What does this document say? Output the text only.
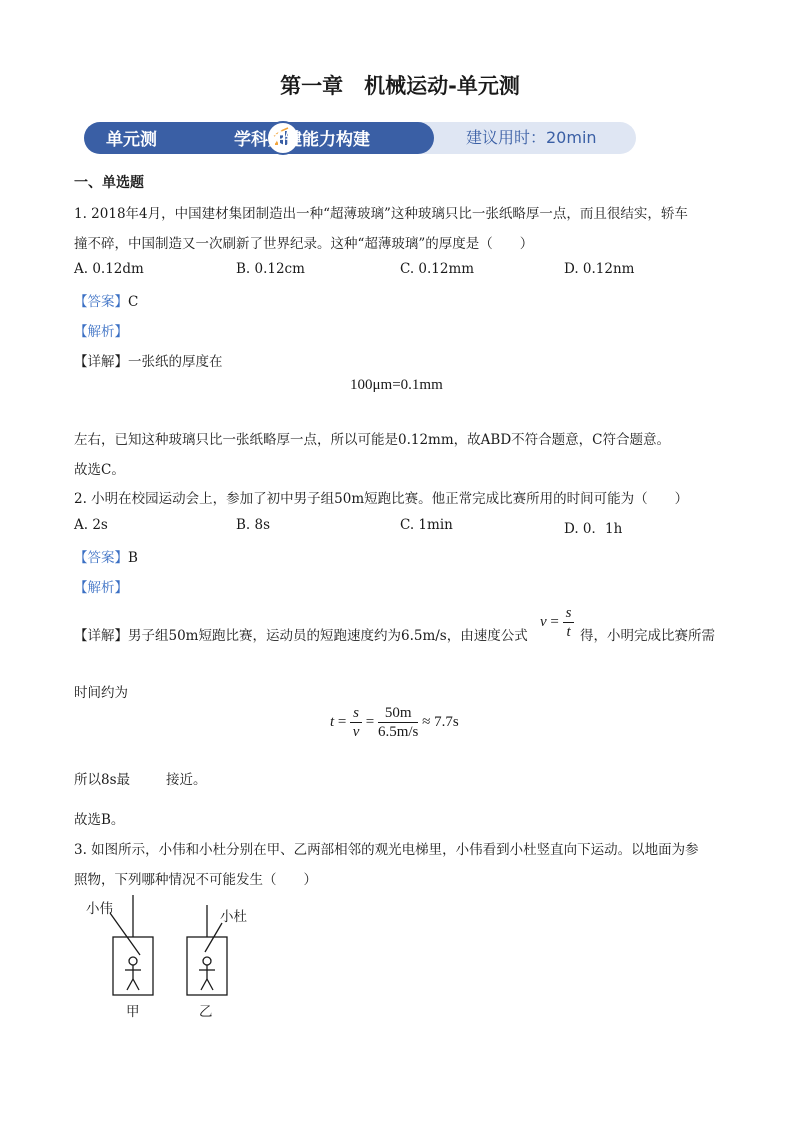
第一章　机械运动-单元测
单元测	学科关键能力构建	建议用时：20min
一、单选题
1. 2018年4月，中国建材集团制造出一种“超薄玻璃”这种玻璃只比一张纸略厚一点，而且很结实，轿车
撞不碎，中国制造又一次刷新了世界纪录。这种“超薄玻璃”的厚度是（　　）
A. 0.12dm	B. 0.12cm	C. 0.12mm	D. 0.12nm
【答案】C
【解析】
【详解】一张纸的厚度在
100μm=0.1mm
左右，已知这种玻璃只比一张纸略厚一点，所以可能是0.12mm，故ABD不符合题意，C符合题意。
故选C。
2. 小明在校园运动会上，参加了初中男子组50m短跑比赛。他正常完成比赛所用的时间可能为（　　）
A. 2s	B. 8s	C. 1min	D. 0．1h
【答案】B
【解析】
【详解】男子组50m短跑比赛，运动员的短跑速度约为6.5m/s，由速度公式
$v = \frac{s}{t}$ 得，小明完成比赛所需
时间约为
$t = \frac{s}{v} = \frac{50m}{6.5m/s} \approx 7.7s$
所以8s最	接近。
故选B。
3. 如图所示，小伟和小杜分别在甲、乙两部相邻的观光电梯里，小伟看到小杜竖直向下运动。以地面为参
照物，下列哪种情况不可能发生（　　）
小伟	小杜
甲	乙
